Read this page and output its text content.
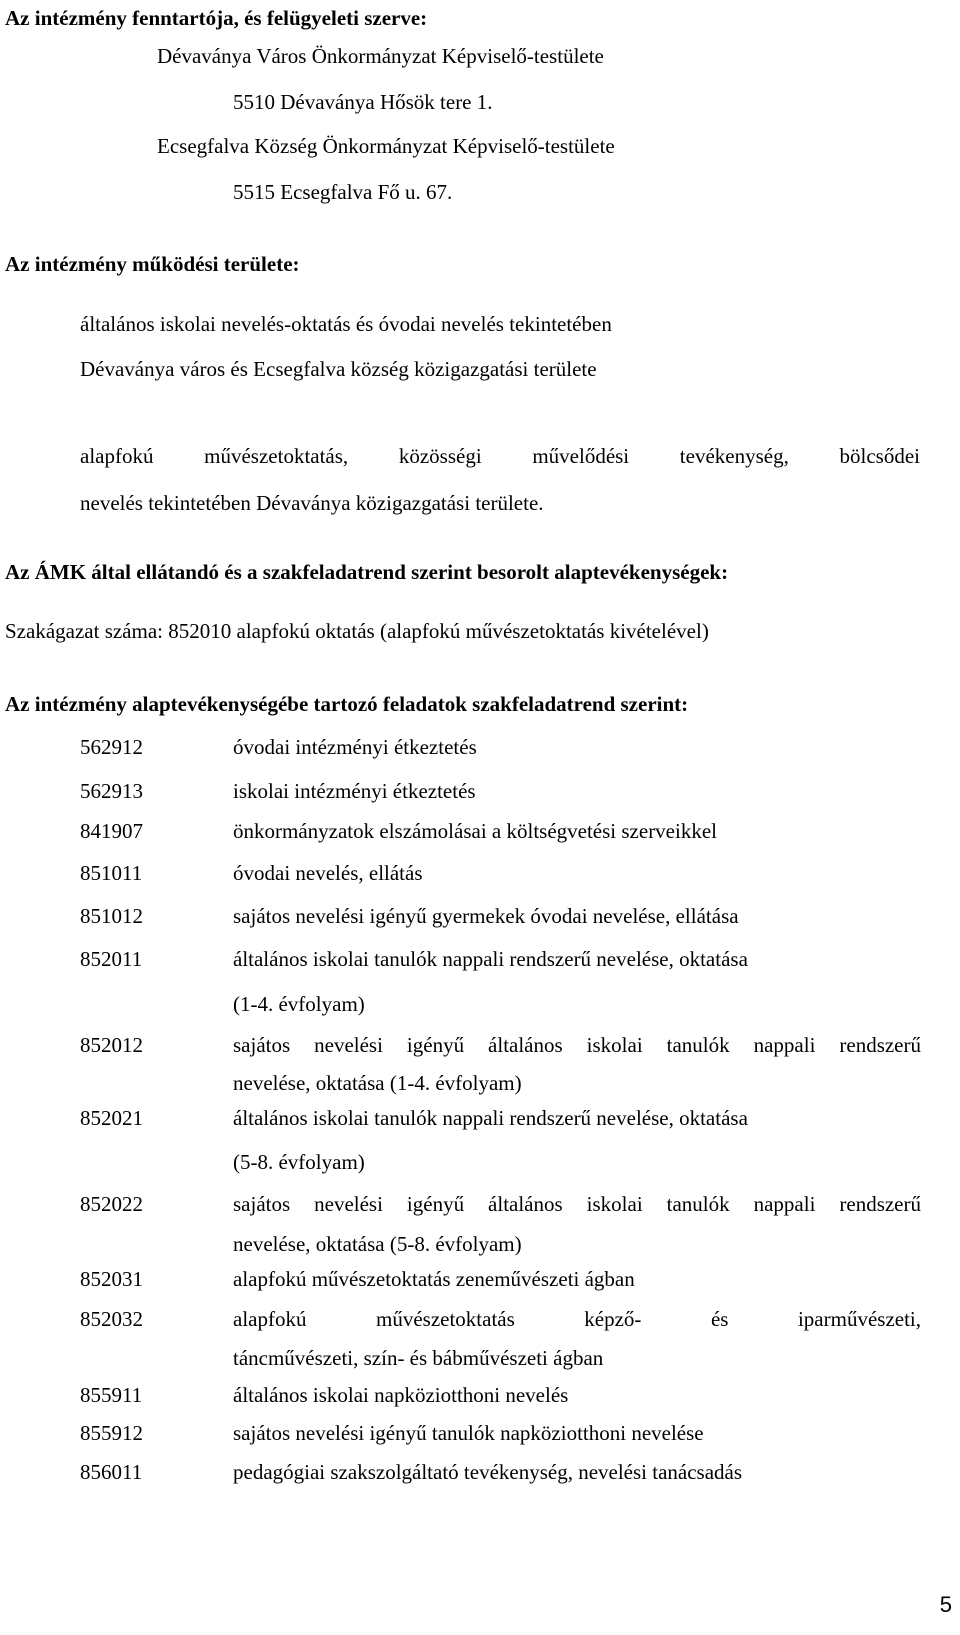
Az intézmény fenntartója, és felügyeleti szerve:
Dévaványa Város Önkormányzat Képviselő-testülete
5510 Dévaványa Hősök tere 1.
Ecsegfalva Község Önkormányzat Képviselő-testülete
5515 Ecsegfalva Fő u. 67.
Az intézmény működési területe:
általános iskolai nevelés-oktatás és óvodai nevelés tekintetében
Dévaványa város és Ecsegfalva község közigazgatási területe
alapfokú művészetoktatás, közösségi művelődési tevékenység, bölcsődei
nevelés tekintetében Dévaványa közigazgatási területe.
Az ÁMK által ellátandó és a szakfeladatrend szerint besorolt alaptevékenységek:
Szakágazat száma: 852010 alapfokú oktatás (alapfokú művészetoktatás kivételével)
Az intézmény alaptevékenységébe tartozó feladatok szakfeladatrend szerint:
562912	óvodai intézményi étkeztetés
562913	iskolai intézményi étkeztetés
841907	önkormányzatok elszámolásai a költségvetési szerveikkel
851011	óvodai nevelés, ellátás
851012	sajátos nevelési igényű gyermekek óvodai nevelése, ellátása
852011	általános iskolai tanulók nappali rendszerű nevelése, oktatása
(1-4. évfolyam)
852012	sajátos nevelési igényű általános iskolai tanulók nappali rendszerű
nevelése, oktatása (1-4. évfolyam)
852021	általános iskolai tanulók nappali rendszerű nevelése, oktatása
(5-8. évfolyam)
852022	sajátos nevelési igényű általános iskolai tanulók nappali rendszerű
nevelése, oktatása (5-8. évfolyam)
852031	alapfokú művészetoktatás zeneművészeti ágban
852032	alapfokú művészetoktatás képző- és iparművészeti,
táncművészeti, szín- és bábművészeti ágban
855911	általános iskolai napköziotthoni nevelés
855912	sajátos nevelési igényű tanulók napköziotthoni nevelése
856011	pedagógiai szakszolgáltató tevékenység, nevelési tanácsadás
5
